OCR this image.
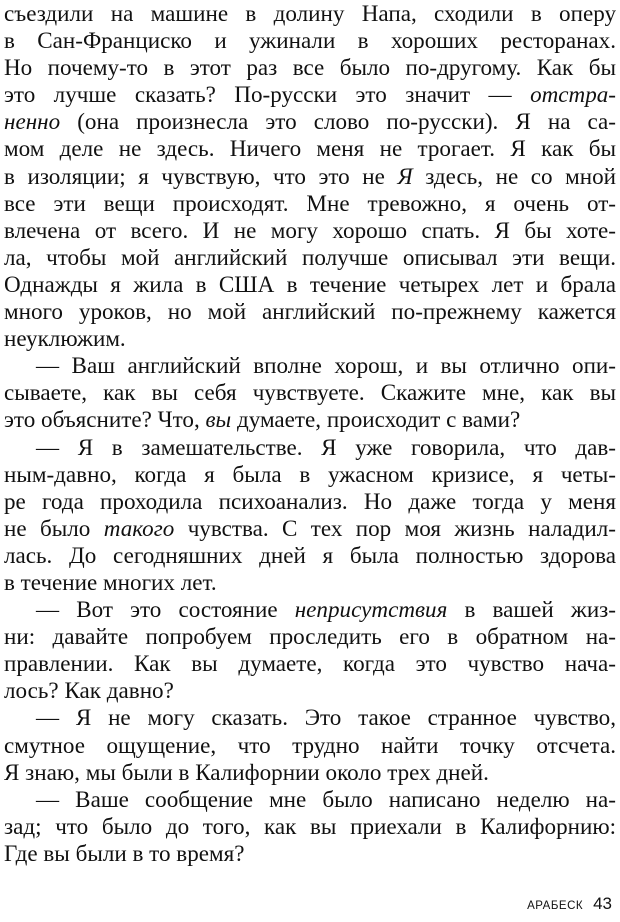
съездили на машине в долину Напа, сходили в оперу
в Сан-Франциско и ужинали в хороших ресторанах.
Но почему-то в этот раз все было по-другому. Как бы
это лучше сказать? По-русски это значит — отстра-
ненно (она произнесла это слово по-русски). Я на са-
мом деле не здесь. Ничего меня не трогает. Я как бы
в изоляции; я чувствую, что это не Я здесь, не со мной
все эти вещи происходят. Мне тревожно, я очень от-
влечена от всего. И не могу хорошо спать. Я бы хоте-
ла, чтобы мой английский получше описывал эти вещи.
Однажды я жила в США в течение четырех лет и брала
много уроков, но мой английский по-прежнему кажется
неуклюжим.
— Ваш английский вполне хорош, и вы отлично опи-
сываете, как вы себя чувствуете. Скажите мне, как вы
это объясните? Что, вы думаете, происходит с вами?
— Я в замешательстве. Я уже говорила, что дав-
ным-давно, когда я была в ужасном кризисе, я четы-
ре года проходила психоанализ. Но даже тогда у меня
не было такого чувства. С тех пор моя жизнь наладил-
лась. До сегодняшних дней я была полностью здорова
в течение многих лет.
— Вот это состояние неприсутствия в вашей жиз-
ни: давайте попробуем проследить его в обратном на-
правлении. Как вы думаете, когда это чувство нача-
лось? Как давно?
— Я не могу сказать. Это такое странное чувство,
смутное ощущение, что трудно найти точку отсчета.
Я знаю, мы были в Калифорнии около трех дней.
— Ваше сообщение мне было написано неделю на-
зад; что было до того, как вы приехали в Калифорнию:
Где вы были в то время?
АРАБЕСК 43
